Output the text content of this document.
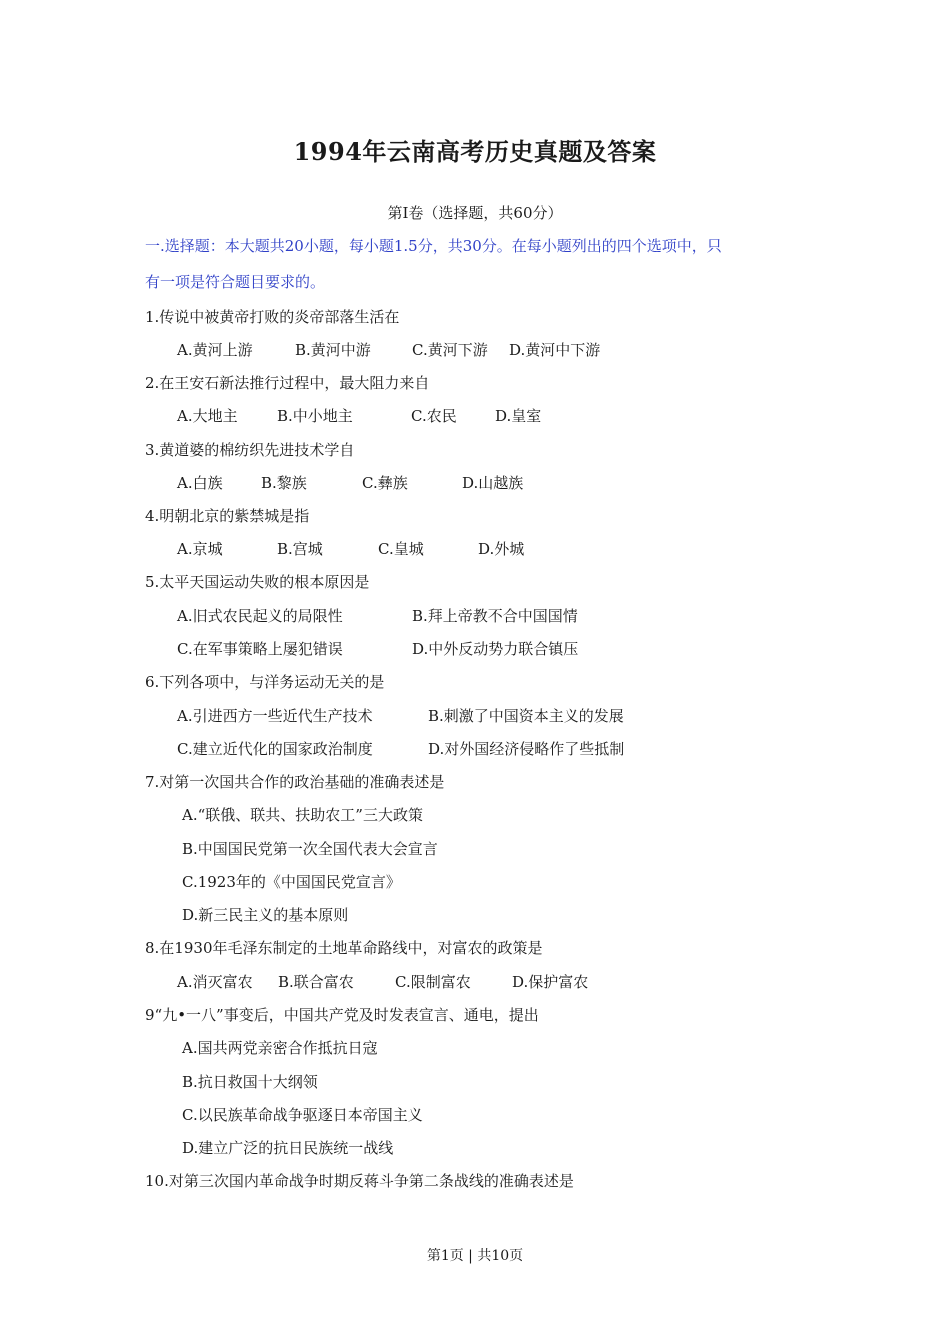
1994年云南高考历史真题及答案
第Ⅰ卷（选择题，共60分）
一.选择题：本大题共20小题，每小题1.5分，共30分。在每小题列出的四个选项中，只
有一项是符合题目要求的。
1.传说中被黄帝打败的炎帝部落生活在
A.黄河上游	B.黄河中游	C.黄河下游 D.黄河中下游
2.在王安石新法推行过程中，最大阻力来自
A.大地主	B.中小地主	C.农民	D.皇室
3.黄道婆的棉纺织先进技术学自
A.白族	B.黎族	C.彝族	D.山越族
4.明朝北京的紫禁城是指
A.京城	B.宫城	C.皇城	D.外城
5.太平天国运动失败的根本原因是
A.旧式农民起义的局限性	B.拜上帝教不合中国国情
C.在军事策略上屡犯错误	D.中外反动势力联合镇压
6.下列各项中，与洋务运动无关的是
A.引进西方一些近代生产技术	B.刺激了中国资本主义的发展
C.建立近代化的国家政治制度	D.对外国经济侵略作了些抵制
7.对第一次国共合作的政治基础的准确表述是
A.“联俄、联共、扶助农工”三大政策
B.中国国民党第一次全国代表大会宣言
C.1923年的《中国国民党宣言》
D.新三民主义的基本原则
8.在1930年毛泽东制定的土地革命路线中，对富农的政策是
A.消灭富农 B.联合富农	C.限制富农	D.保护富农
9“九•一八”事变后，中国共产党及时发表宣言、通电，提出
A.国共两党亲密合作抵抗日寇
B.抗日救国十大纲领
C.以民族革命战争驱逐日本帝国主义
D.建立广泛的抗日民族统一战线
10.对第三次国内革命战争时期反蒋斗争第二条战线的准确表述是
第1页 | 共10页
